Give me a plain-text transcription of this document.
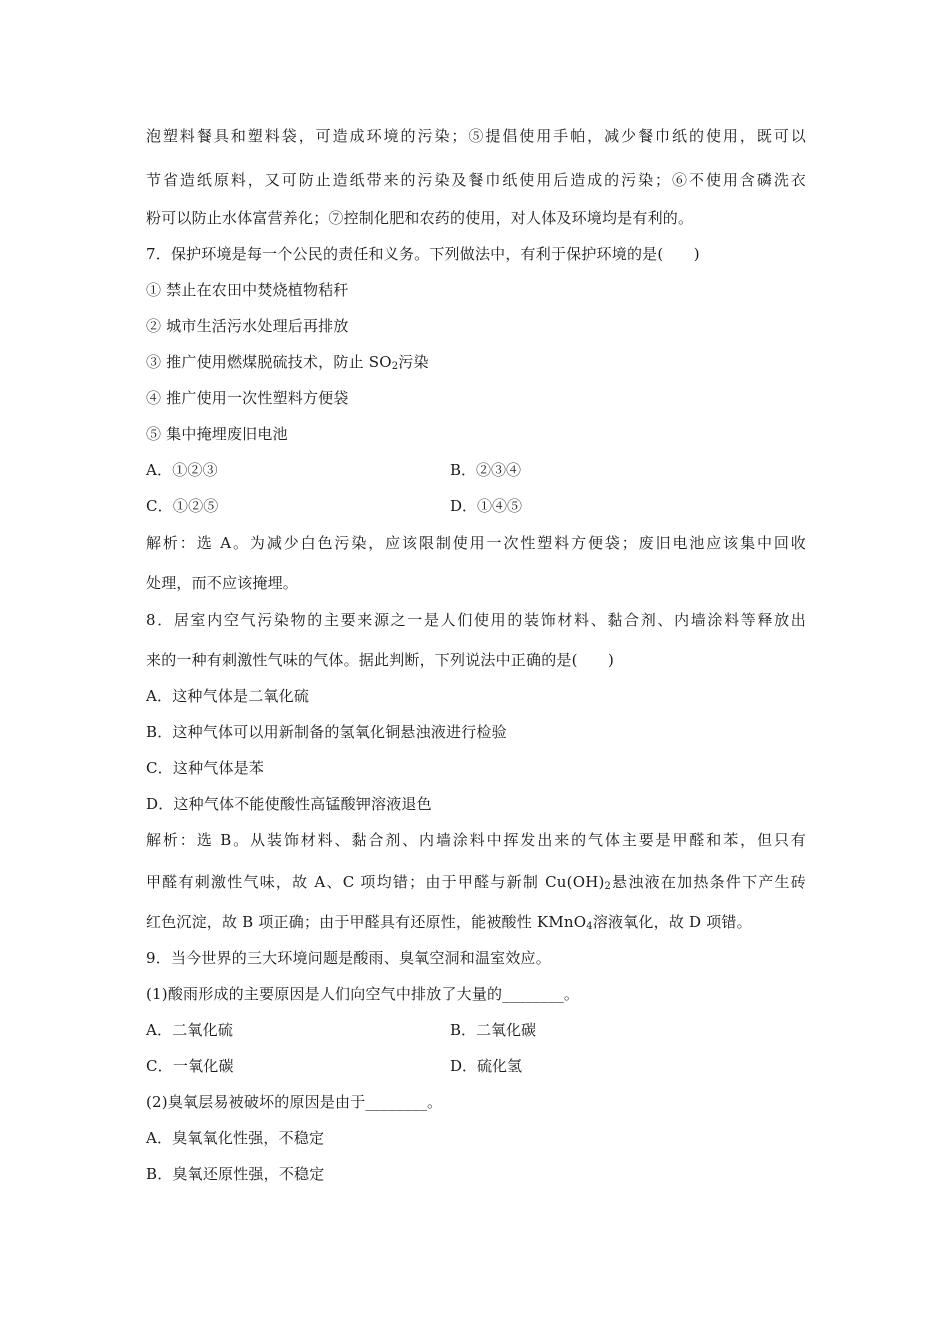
泡塑料餐具和塑料袋，可造成环境的污染；⑤提倡使用手帕，减少餐巾纸的使用，既可以
节省造纸原料，又可防止造纸带来的污染及餐巾纸使用后造成的污染；⑥不使用含磷洗衣
粉可以防止水体富营养化；⑦控制化肥和农药的使用，对人体及环境均是有利的。
7．保护环境是每一个公民的责任和义务。下列做法中，有利于保护环境的是(　　)
① 禁止在农田中焚烧植物秸秆
② 城市生活污水处理后再排放
③ 推广使用燃煤脱硫技术，防止 $SO_2$污染
④ 推广使用一次性塑料方便袋
⑤ 集中掩埋废旧电池
A．①②③	B．②③④
C．①②⑤	D．①④⑤
解析：选 A。为减少白色污染，应该限制使用一次性塑料方便袋；废旧电池应该集中回收
处理，而不应该掩埋。
8．居室内空气污染物的主要来源之一是人们使用的装饰材料、黏合剂、内墙涂料等释放出
来的一种有刺激性气味的气体。据此判断，下列说法中正确的是(　　)
A．这种气体是二氧化硫
B．这种气体可以用新制备的氢氧化铜悬浊液进行检验
C．这种气体是苯
D．这种气体不能使酸性高锰酸钾溶液退色
解析：选 B。从装饰材料、黏合剂、内墙涂料中挥发出来的气体主要是甲醛和苯，但只有
甲醛有刺激性气味，故 A、C 项均错；由于甲醛与新制 $Cu(OH)_2$悬浊液在加热条件下产生砖
红色沉淀，故 B 项正确；由于甲醛具有还原性，能被酸性 KMnO$_4$溶液氧化，故 D 项错。
9．当今世界的三大环境问题是酸雨、臭氧空洞和温室效应。
(1)酸雨形成的主要原因是人们向空气中排放了大量的________。
A．二氧化硫	B．二氧化碳
C．一氧化碳	D．硫化氢
(2)臭氧层易被破坏的原因是由于________。
A．臭氧氧化性强，不稳定
B．臭氧还原性强，不稳定
